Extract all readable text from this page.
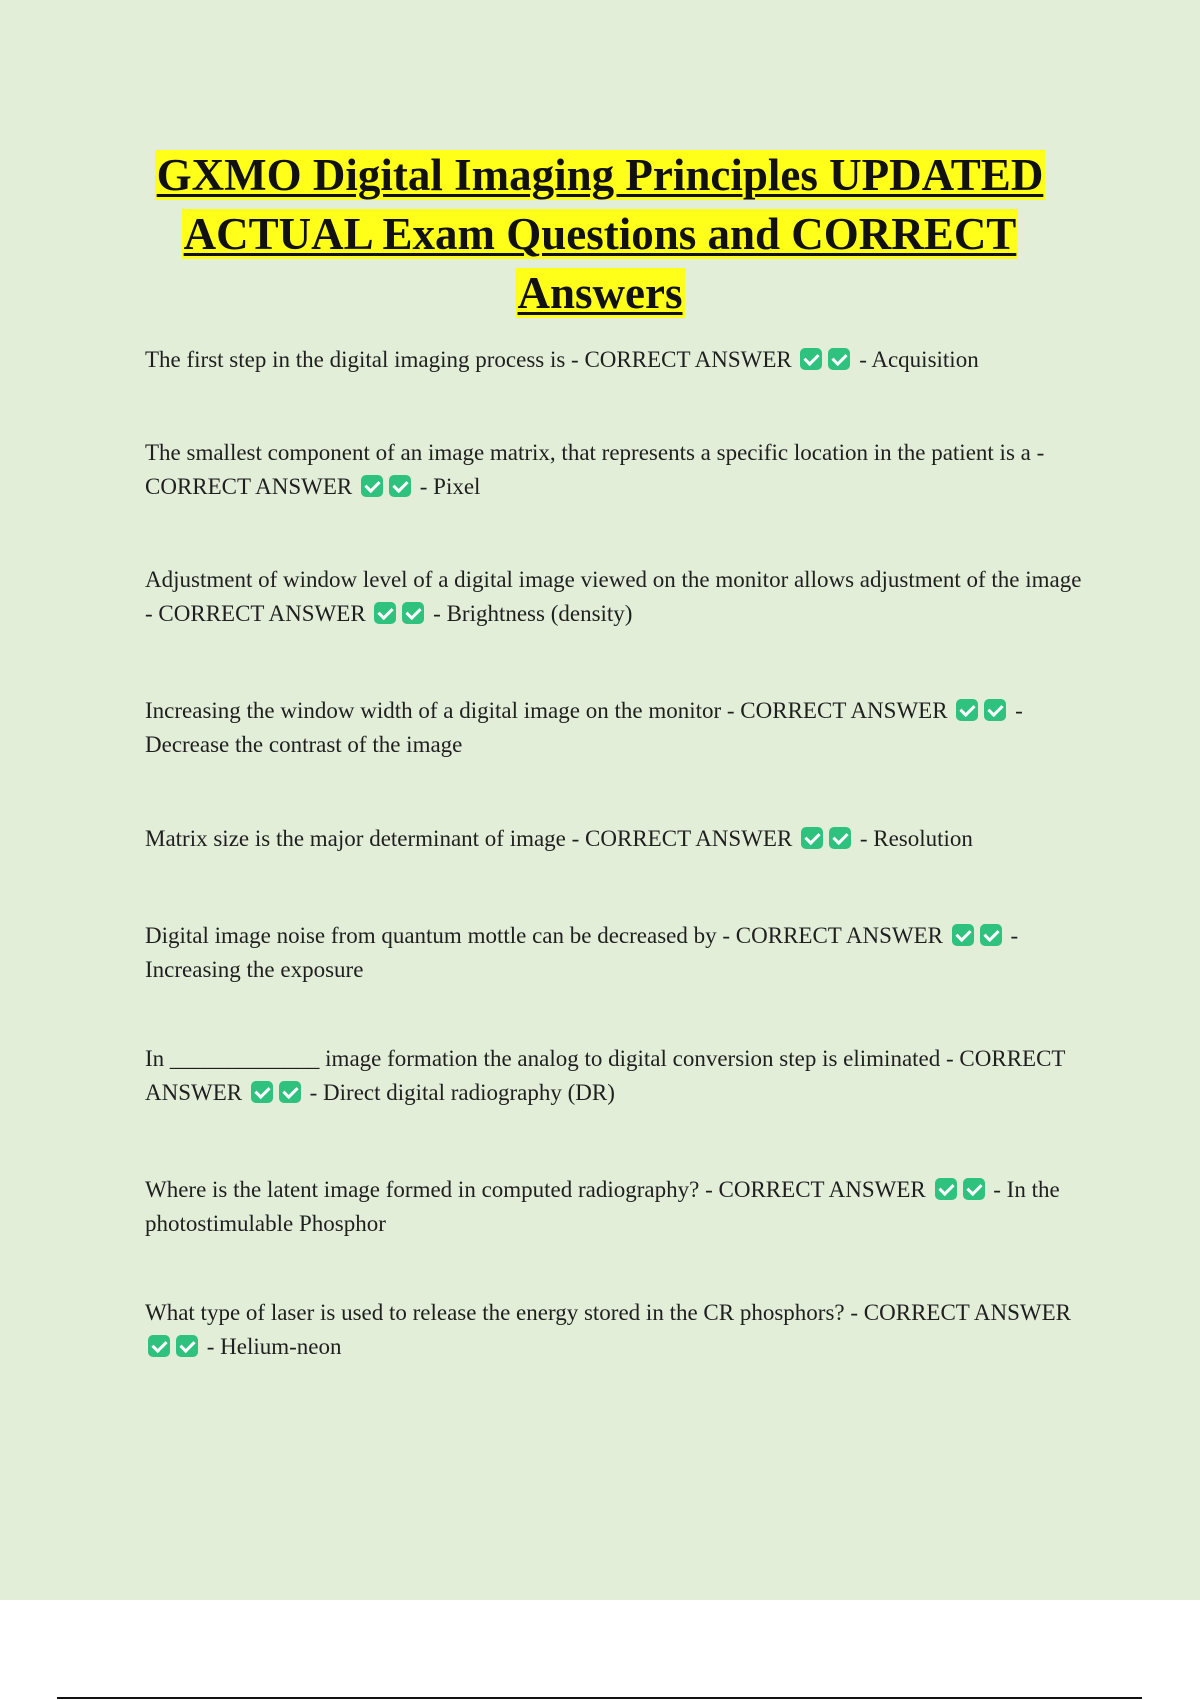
GXMO Digital Imaging Principles UPDATED ACTUAL Exam Questions and CORRECT Answers
The first step in the digital imaging process is - CORRECT ANSWER  - Acquisition
The smallest component of an image matrix, that represents a specific location in the patient is a - CORRECT ANSWER  - Pixel
Adjustment of window level of a digital image viewed on the monitor allows adjustment of the image - CORRECT ANSWER  - Brightness (density)
Increasing the window width of a digital image on the monitor - CORRECT ANSWER  - Decrease the contrast of the image
Matrix size is the major determinant of image - CORRECT ANSWER  - Resolution
Digital image noise from quantum mottle can be decreased by - CORRECT ANSWER  - Increasing the exposure
In _____________ image formation the analog to digital conversion step is eliminated - CORRECT ANSWER  - Direct digital radiography (DR)
Where is the latent image formed in computed radiography? - CORRECT ANSWER  - In the photostimulable Phosphor
What type of laser is used to release the energy stored in the CR phosphors? - CORRECT ANSWER  - Helium-neon
